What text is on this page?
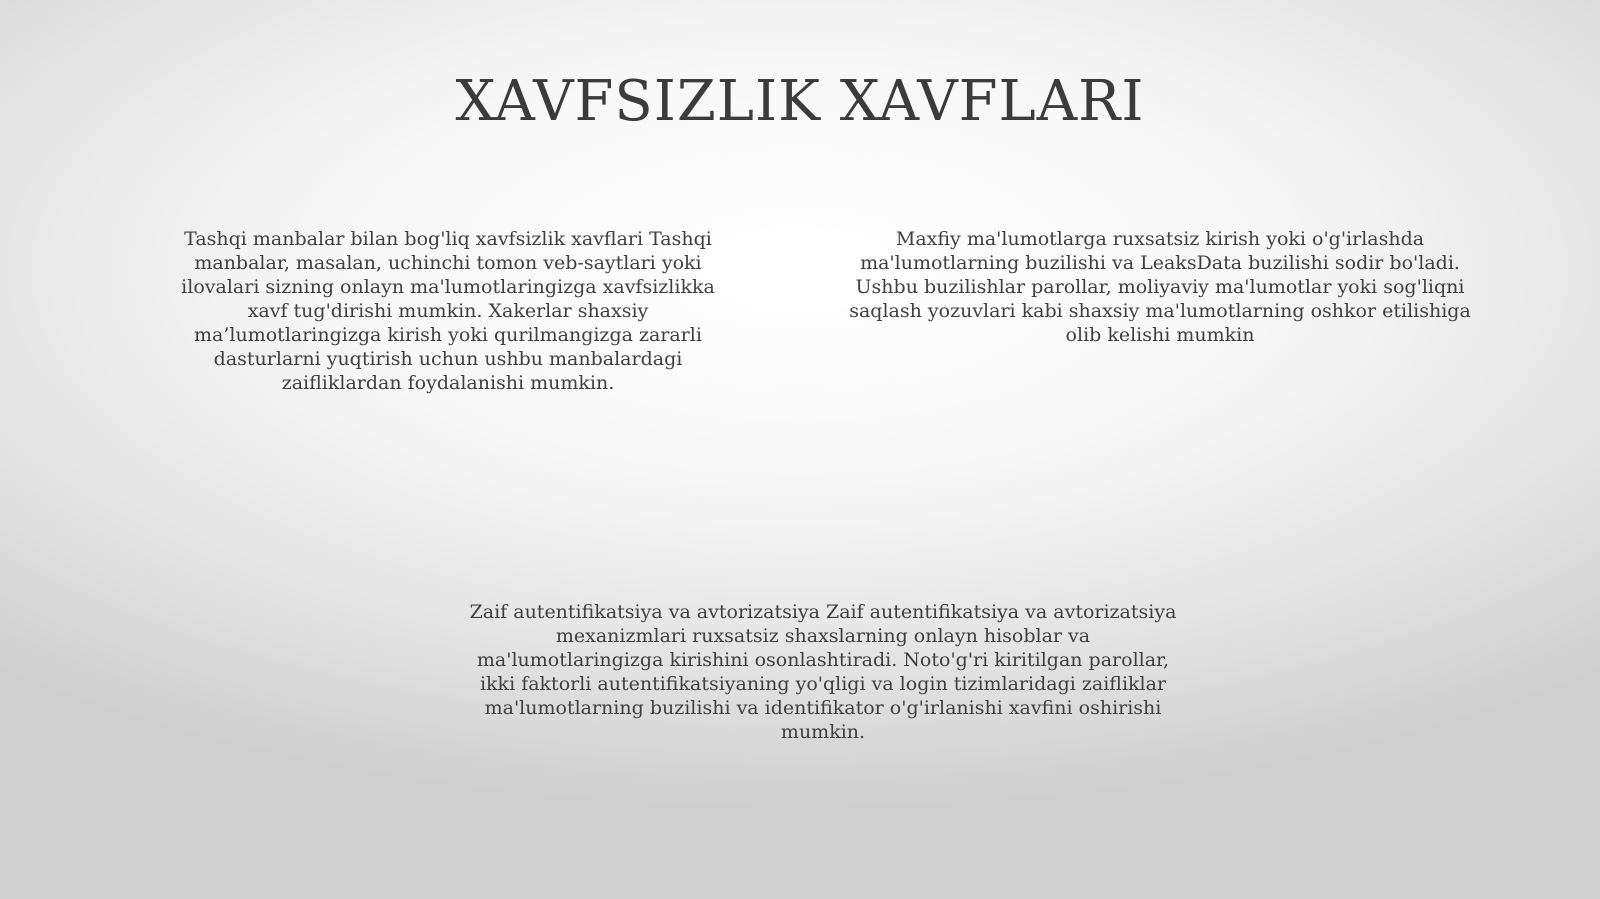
XAVFSIZLIK XAVFLARI

Tashqi manbalar bilan bog'liq xavfsizlik xavflari Tashqi manbalar, masalan, uchinchi tomon veb-saytlari yoki ilovalari sizning onlayn ma'lumotlaringizga xavfsizlikka xavf tug'dirishi mumkin. Xakerlar shaxsiy ma’lumotlaringizga kirish yoki qurilmangizga zararli dasturlarni yuqtirish uchun ushbu manbalardagi zaifliklardan foydalanishi mumkin.

Maxfiy ma'lumotlarga ruxsatsiz kirish yoki o'g'irlashda ma'lumotlarning buzilishi va LeaksData buzilishi sodir bo'ladi. Ushbu buzilishlar parollar, moliyaviy ma'lumotlar yoki sog'liqni saqlash yozuvlari kabi shaxsiy ma'lumotlarning oshkor etilishiga olib kelishi mumkin

Zaif autentifikatsiya va avtorizatsiya Zaif autentifikatsiya va avtorizatsiya mexanizmlari ruxsatsiz shaxslarning onlayn hisoblar va ma'lumotlaringizga kirishini osonlashtiradi. Noto'g'ri kiritilgan parollar, ikki faktorli autentifikatsiyaning yo'qligi va login tizimlaridagi zaifliklar ma'lumotlarning buzilishi va identifikator o'g'irlanishi xavfini oshirishi mumkin.
